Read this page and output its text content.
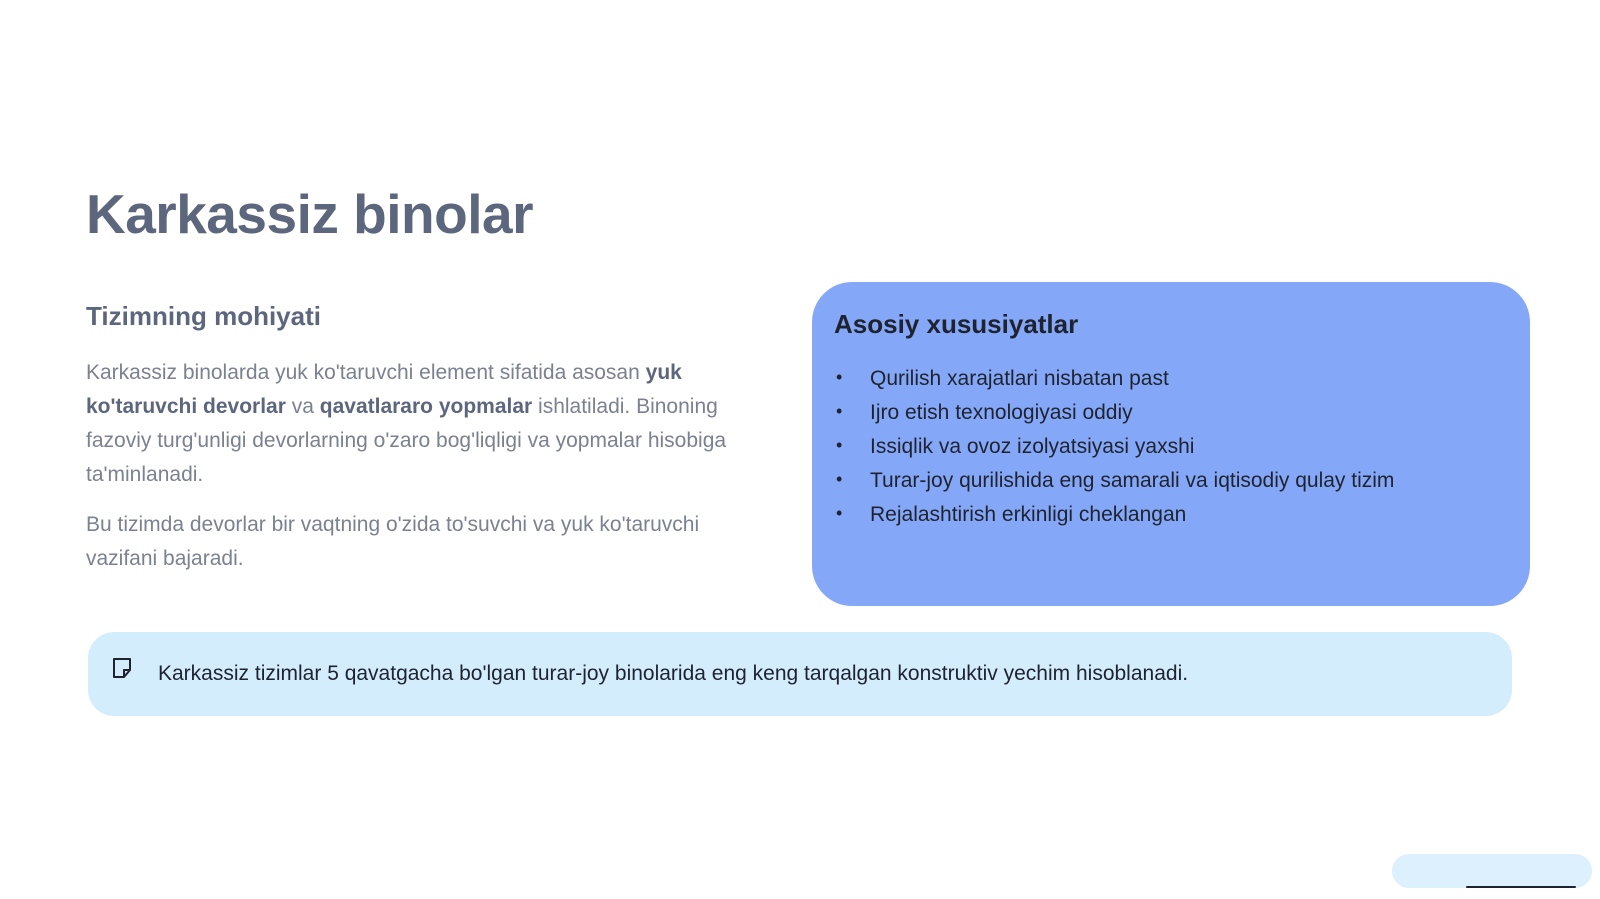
Karkassiz binolar
Tizimning mohiyati

Karkassiz binolarda yuk ko'taruvchi element sifatida asosan yuk ko'taruvchi devorlar va qavatlararo yopmalar ishlatiladi. Binoning fazoviy turg'unligi devorlarning o'zaro bog'liqligi va yopmalar hisobiga ta'minlanadi.

Bu tizimda devorlar bir vaqtning o'zida to'suvchi va yuk ko'taruvchi vazifani bajaradi.

Asosiy xususiyatlar
• Qurilish xarajatlari nisbatan past
• Ijro etish texnologiyasi oddiy
• Issiqlik va ovoz izolyatsiyasi yaxshi
• Turar-joy qurilishida eng samarali va iqtisodiy qulay tizim
• Rejalashtirish erkinligi cheklangan
Karkassiz tizimlar 5 qavatgacha bo'lgan turar-joy binolarida eng keng tarqalgan konstruktiv yechim hisoblanadi.
